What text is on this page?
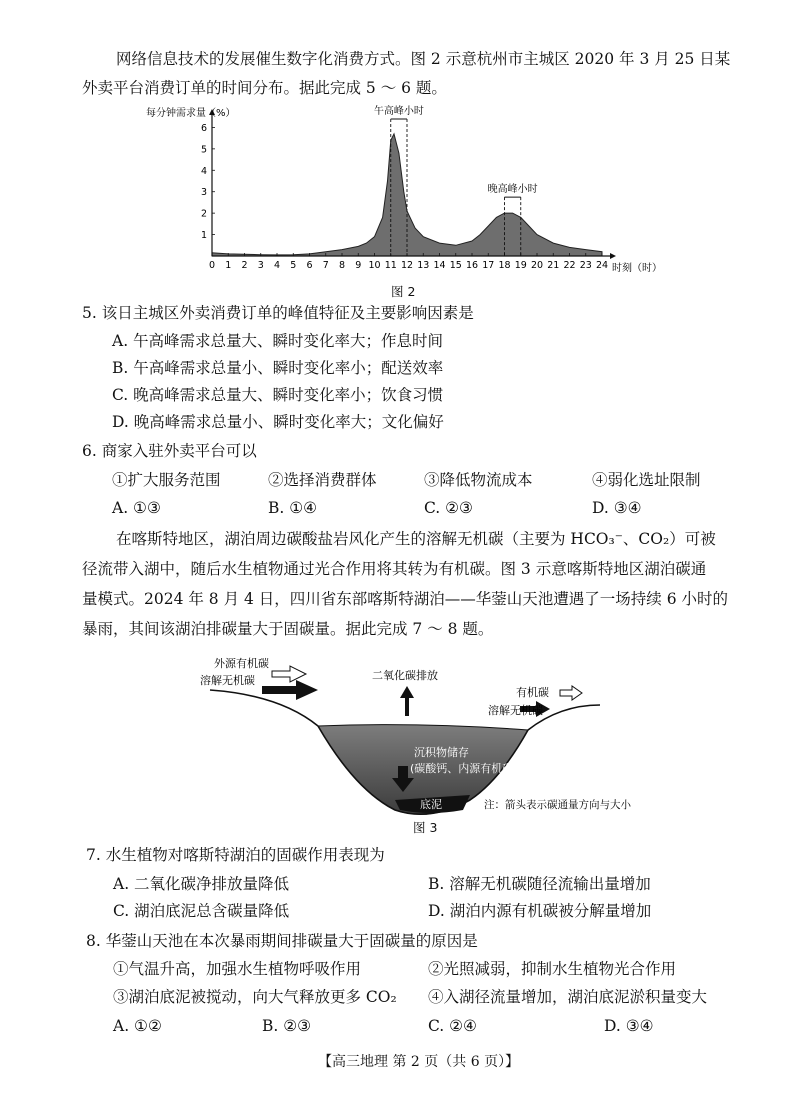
网络信息技术的发展催生数字化消费方式。图 2 示意杭州市主城区 2020 年 3 月 25 日某
外卖平台消费订单的时间分布。据此完成 5 ～ 6 题。
0 1 2 3 4 5 6 7 8 9 10 11 12 13 14 15 16 17 18 19 20 21 22 23 24
1
2
3
4
5
6
午高峰小时
晚高峰小时
每分钟需求量（%）
时刻（时）
图 2
5. 该日主城区外卖消费订单的峰值特征及主要影响因素是
A. 午高峰需求总量大、瞬时变化率大；作息时间
B. 午高峰需求总量小、瞬时变化率小；配送效率
C. 晚高峰需求总量大、瞬时变化率小；饮食习惯
D. 晚高峰需求总量小、瞬时变化率大；文化偏好
6. 商家入驻外卖平台可以
①扩大服务范围	②选择消费群体	③降低物流成本	④弱化选址限制
A. ①③	B. ①④	C. ②③	D. ③④
在喀斯特地区，湖泊周边碳酸盐岩风化产生的溶解无机碳（主要为 HCO₃⁻、CO₂）可被
径流带入湖中，随后水生植物通过光合作用将其转为有机碳。图 3 示意喀斯特地区湖泊碳通
量模式。2024 年 8 月 4 日，四川省东部喀斯特湖泊——华蓥山天池遭遇了一场持续 6 小时的
暴雨，其间该湖泊排碳量大于固碳量。据此完成 7 ～ 8 题。
外源有机碳
溶解无机碳	二氧化碳排放
有机碳
溶解无机碳
沉积物储存
(碳酸钙、内源有机碳)
底泥	注：箭头表示碳通量方向与大小
图 3
7. 水生植物对喀斯特湖泊的固碳作用表现为
A. 二氧化碳净排放量降低	B. 溶解无机碳随径流输出量增加
C. 湖泊底泥总含碳量降低	D. 湖泊内源有机碳被分解量增加
8. 华蓥山天池在本次暴雨期间排碳量大于固碳量的原因是
①气温升高，加强水生植物呼吸作用	②光照减弱，抑制水生植物光合作用
③湖泊底泥被搅动，向大气释放更多 CO₂ ④入湖径流量增加，湖泊底泥淤积量变大
A. ①②	B. ②③	C. ②④	D. ③④
【高三地理 第 2 页（共 6 页）】
